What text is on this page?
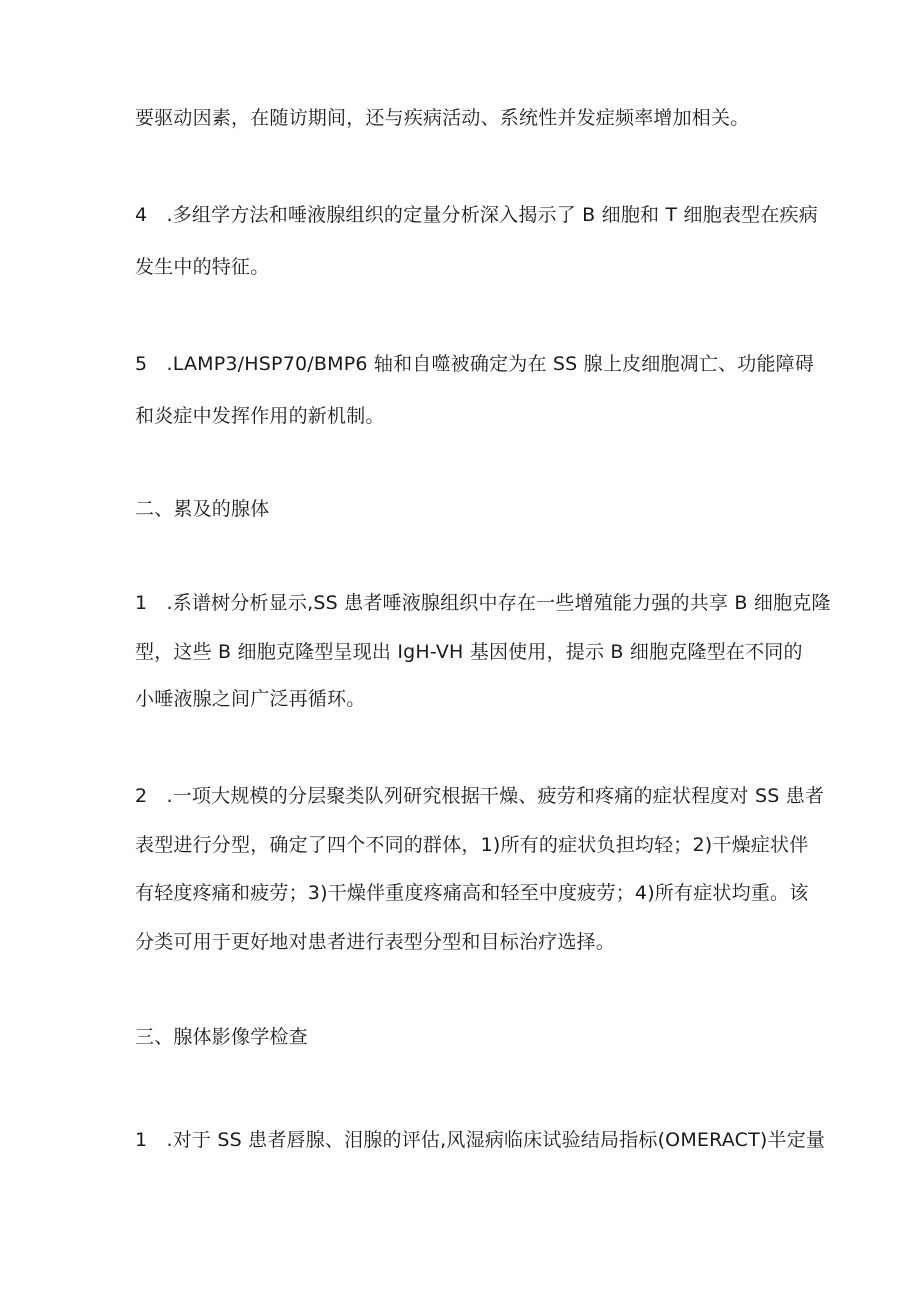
要驱动因素，在随访期间，还与疾病活动、系统性并发症频率增加相关。
4　.多组学方法和唾液腺组织的定量分析深入揭示了 B 细胞和 T 细胞表型在疾病
发生中的特征。
5　.LAMP3/HSP70/BMP6 轴和自噬被确定为在 SS 腺上皮细胞凋亡、功能障碍
和炎症中发挥作用的新机制。
二、累及的腺体
1　.系谱树分析显示,SS 患者唾液腺组织中存在一些增殖能力强的共享 B 细胞克隆
型，这些 B 细胞克隆型呈现出 IgH-VH 基因使用，提示 B 细胞克隆型在不同的
小唾液腺之间广泛再循环。
2　.一项大规模的分层聚类队列研究根据干燥、疲劳和疼痛的症状程度对 SS 患者
表型进行分型，确定了四个不同的群体，1)所有的症状负担均轻；2)干燥症状伴
有轻度疼痛和疲劳；3)干燥伴重度疼痛高和轻至中度疲劳；4)所有症状均重。该
分类可用于更好地对患者进行表型分型和目标治疗选择。
三、腺体影像学检查
1　.对于 SS 患者唇腺、泪腺的评估,风湿病临床试验结局指标(OMERACT)半定量
